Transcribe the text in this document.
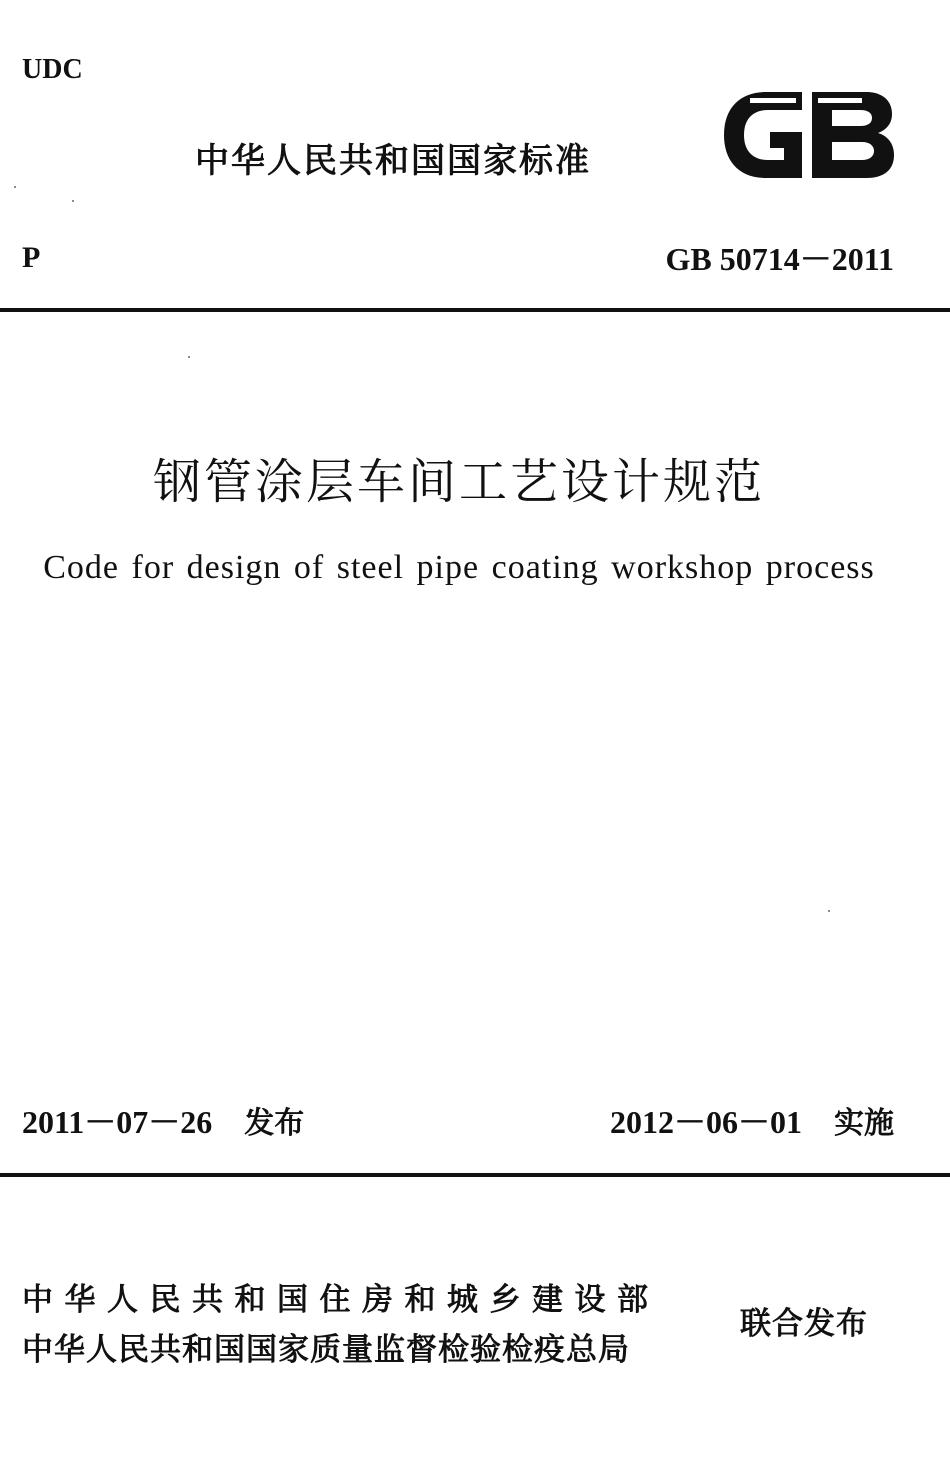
UDC
中华人民共和国国家标准
P	GB 50714－2011
钢管涂层车间工艺设计规范
Code for design of steel pipe coating workshop process
2011－07－26 发布	2012－06－01 实施
中华人民共和国住房和城乡建设部
中华人民共和国国家质量监督检验检疫总局
联合发布
